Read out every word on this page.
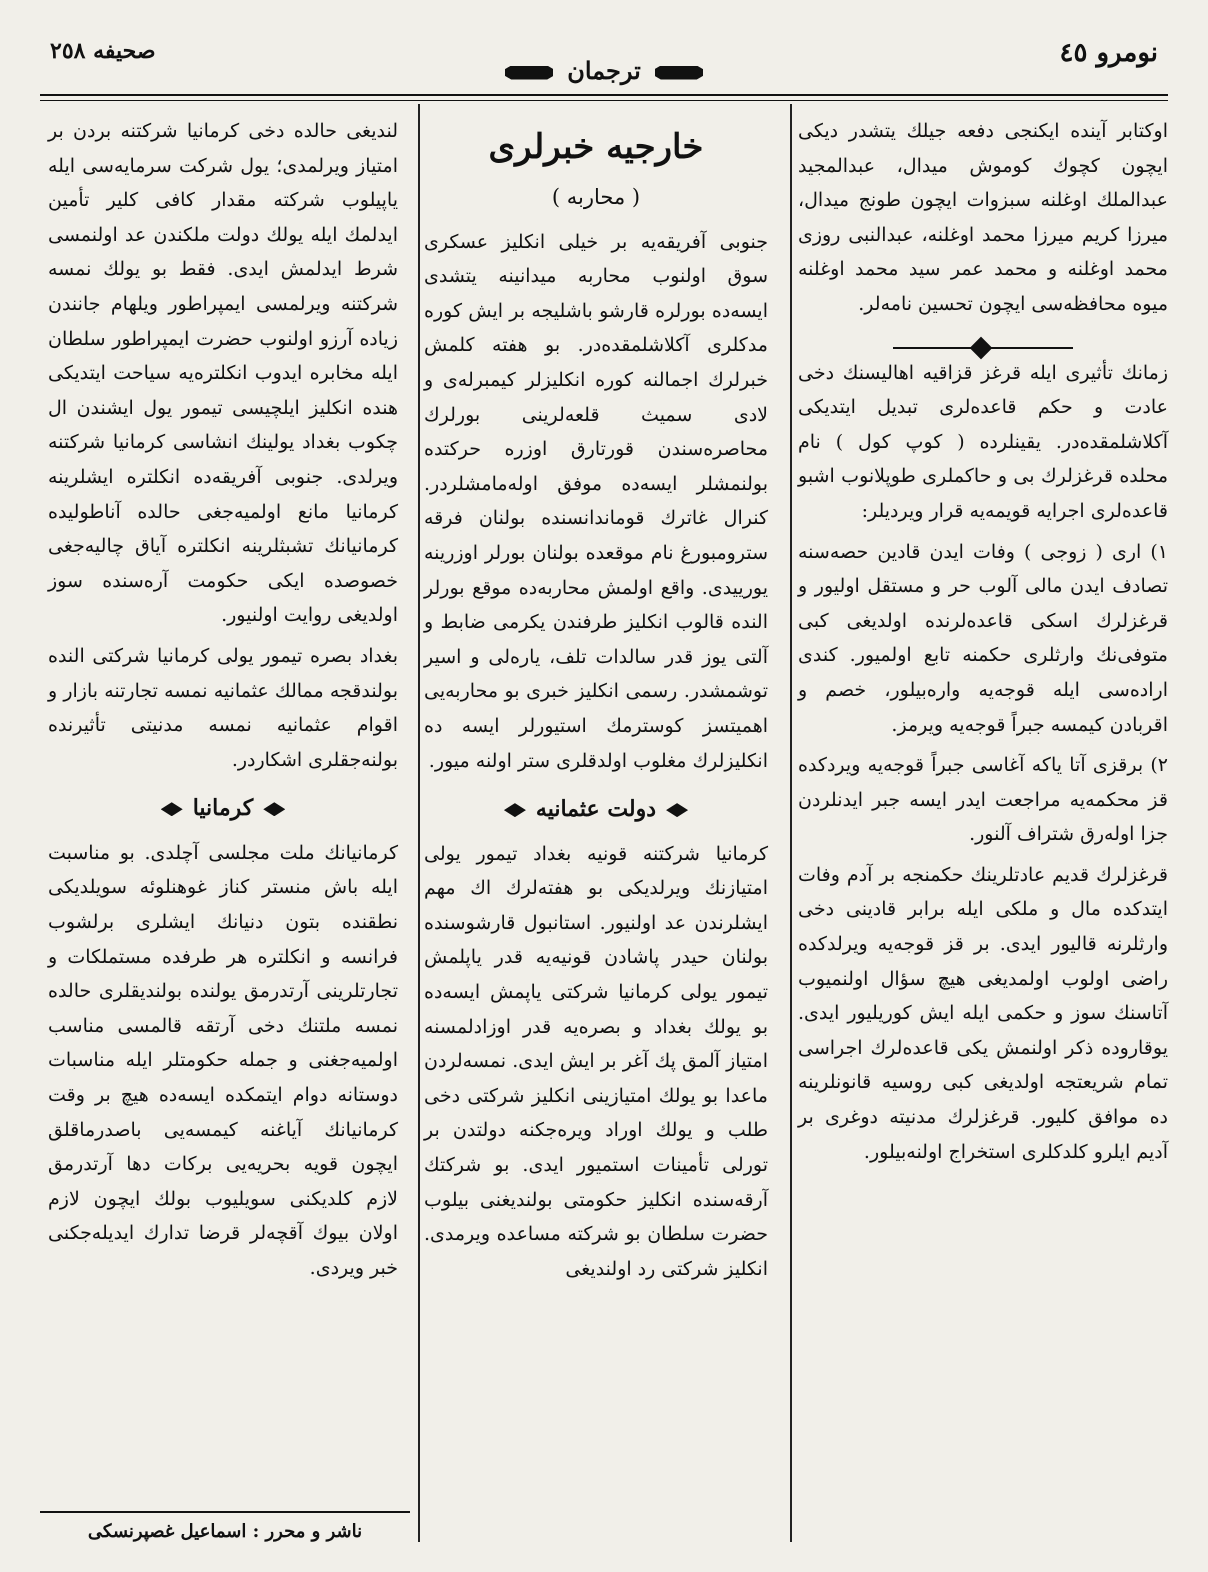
نومرو ٤٥
ترجمان
صحيفه ٢٥٨

اوكتابر آينده ايكنجى دفعه جيلك يتشدر ديكى ايچون كچوك كوموش ميدال، عبدالمجيد عبدالملك اوغلنه سبزوات ايچون طونج ميدال، ميرزا كريم ميرزا محمد اوغلنه، عبدالنبى روزى محمد اوغلنه و محمد عمر سيد محمد اوغلنه ميوه محافظه‌سى ايچون تحسين نامه‌لر.

زمانك تأثيرى ايله قرغز قزاقيه اهاليسنك دخى عادت و حكم قاعده‌لرى تبديل ايتديكى آكلاشلمقده‌در. يقينلرده ( كوپ كول ) نام محلده قرغزلرك بى و حاكملرى طوپلانوب اشبو قاعده‌لرى اجرايه قويمه‌يه قرار ويرديلر:

١) ارى ( زوجى ) وفات ايدن قادين حصه‌سنه تصادف ايدن مالى آلوب حر و مستقل اوليور و قرغزلرك اسكى قاعده‌لرنده اولديغى كبى متوفى‌نك وارثلرى حكمنه تابع اولميور. كندى اراده‌سى ايله قوجه‌يه واره‌بيلور، خصم و اقربادن كيمسه جبراً قوجه‌يه ويرمز.

٢) برقزى آتا ياكه آغاسى جبراً قوجه‌يه ويردكده قز محكمه‌يه مراجعت ايدر ايسه جبر ايدنلردن جزا اوله‌رق شتراف آلنور.

قرغزلرك قديم عادتلرينك حكمنجه بر آدم وفات ايتدكده مال و ملكى ايله برابر قادينى دخى وارثلرنه قاليور ايدى. بر قز قوجه‌يه ويرلدكده راضى اولوب اولمديغى هيچ سؤال اولنميوب آتاسنك سوز و حكمى ايله ايش كوريليور ايدى. يوقاروده ذكر اولنمش يكى قاعده‌لرك اجراسى تمام شريعتجه اولديغى كبى روسيه قانونلرينه ده موافق كليور. قرغزلرك مدنيته دوغرى بر آديم ايلرو كلدكلرى استخراج اولنه‌بيلور.

خارجيه خبرلرى
( محاربه )

جنوبى آفريقه‌يه بر خيلى انكليز عسكرى سوق اولنوب محاربه ميدانينه يتشدى ايسه‌ده بورلره قارشو باشليجه بر ايش كوره مدكلرى آكلاشلمقده‌در. بو هفته كلمش خبرلرك اجمالنه كوره انكليزلر كيمبرله‌ى و لادى سميث قلعه‌لرينى بورلرك محاصره‌سندن قورتارق اوزره حركتده بولنمشلر ايسه‌ده موفق اوله‌مامشلردر. كنرال غاترك قوماندانسنده بولنان فرقه سترومبورغ نام موقعده بولنان بورلر اوزرينه يورييدى. واقع اولمش محاربه‌ده موقع بورلر النده قالوب انكليز طرفندن يكرمى ضابط و آلتى يوز قدر سالدات تلف، ياره‌لى و اسير توشمشدر. رسمى انكليز خبرى بو محاربه‌يى اهميتسز كوسترمك استيورلر ايسه ده انكليزلرك مغلوب اولدقلرى ستر اولنه ميور.

دولت عثمانيه

كرمانيا شركتنه قونيه بغداد تيمور يولى امتيازنك ويرلديكى بو هفته‌لرك اك مهم ايشلرندن عد اولنيور. استانبول قارشوسنده بولنان حيدر پاشادن قونيه‌يه قدر ياپلمش تيمور يولى كرمانيا شركتى ياپمش ايسه‌ده بو يولك بغداد و بصره‌يه قدر اوزادلمسنه امتياز آلمق پك آغر بر ايش ايدى. نمسه‌لردن ماعدا بو يولك امتيازينى انكليز شركتى دخى طلب و يولك اوراد ويره‌جكنه دولتدن بر تورلى تأمينات استميور ايدى. بو شركتك آرقه‌سنده انكليز حكومتى بولنديغنى بيلوب حضرت سلطان بو شركته مساعده ويرمدى. انكليز شركتى رد اولنديغى

لنديغى حالده دخى كرمانيا شركتنه بردن بر امتياز ويرلمدى؛ يول شركت سرمايه‌سى ايله ياپيلوب شركته مقدار كافى كلير تأمين ايدلمك ايله يولك دولت ملكندن عد اولنمسى شرط ايدلمش ايدى. فقط بو يولك نمسه شركتنه ويرلمسى ايمپراطور ويلهام جانندن زياده آرزو اولنوب حضرت ايمپراطور سلطان ايله مخابره ايدوب انكلتره‌يه سياحت ايتديكى هنده انكليز ايلچيسى تيمور يول ايشندن ال چكوب بغداد يولينك انشاسى كرمانيا شركتنه ويرلدى. جنوبى آفريقه‌ده انكلتره ايشلرينه كرمانيا مانع اولميه‌جغى حالده آناطوليده كرمانيانك تشبثلرينه انكلتره آياق چاليه‌جغى خصوصده ايكى حكومت آره‌سنده سوز اولديغى روايت اولنيور.

بغداد بصره تيمور يولى كرمانيا شركتى النده بولندقجه ممالك عثمانيه نمسه تجارتنه بازار و اقوام عثمانيه نمسه مدنيتى تأثيرنده بولنه‌جقلرى اشكاردر.

كرمانيا

كرمانيانك ملت مجلسى آچلدى. بو مناسبت ايله باش منستر كناز غوهنلوئه سويلديكى نطقنده بتون دنيانك ايشلرى برلشوب فرانسه و انكلتره هر طرفده مستملكات و تجارتلرينى آرتدرمق يولنده بولنديقلرى حالده نمسه ملتنك دخى آرتقه قالمسى مناسب اولميه‌جغنى و جمله حكومتلر ايله مناسبات دوستانه دوام ايتمكده ايسه‌ده هيچ بر وقت كرمانيانك آياغنه كيمسه‌يى باصدرماقلق ايچون قويه بحريه‌يى بركات دها آرتدرمق لازم كلديكنى سويليوب بولك ايچون لازم اولان بيوك آقچه‌لر قرضا تدارك ايديله‌جكنى خبر ويردى.

ناشر و محرر : اسماعيل غصپرنسكى
